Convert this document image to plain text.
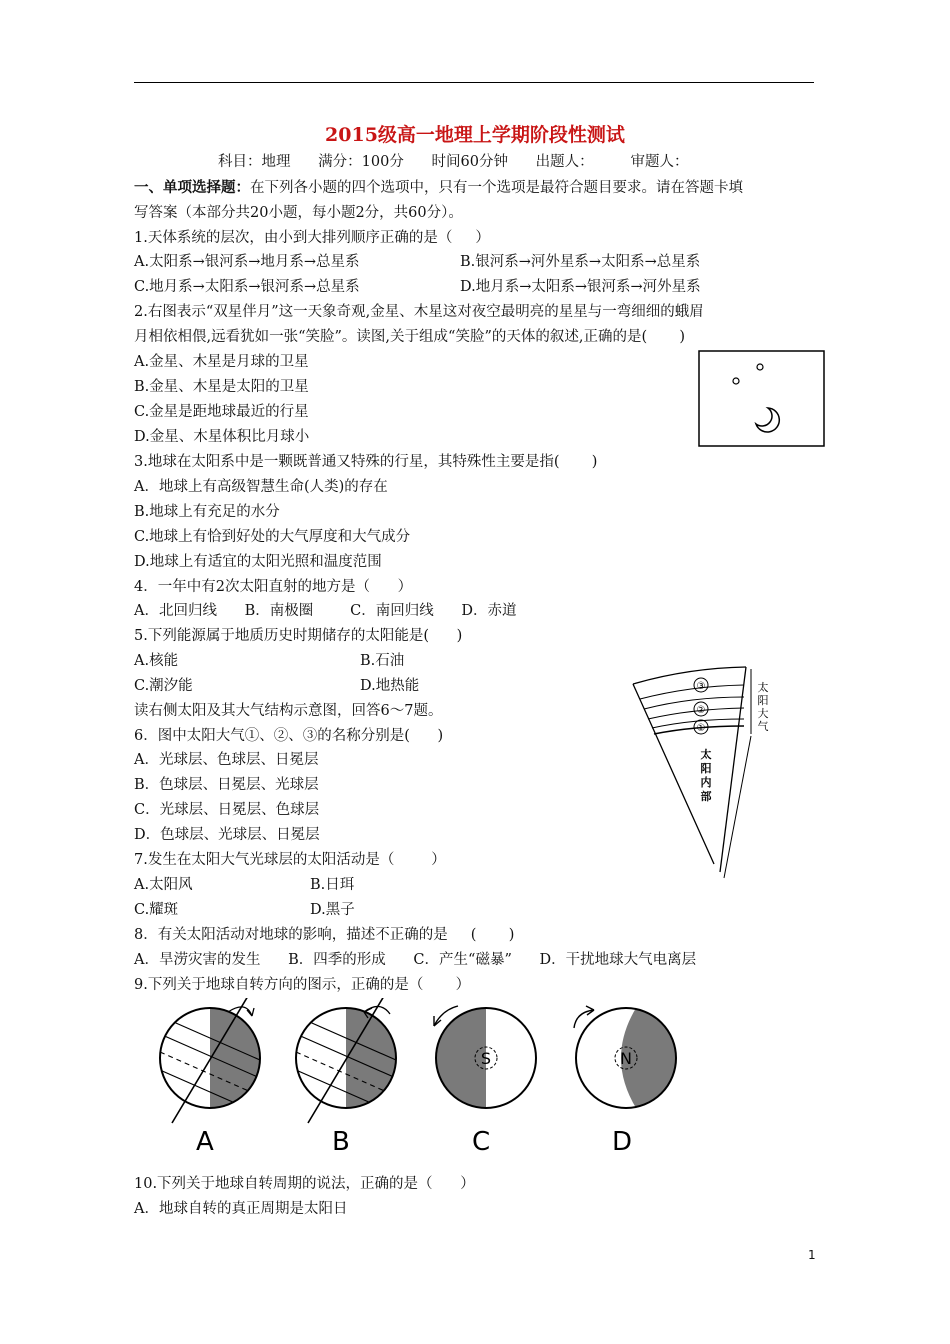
2015级高一地理上学期阶段性测试
科目：地理 满分：100分 时间60分钟 出题人：	审题人：
一、单项选择题：在下列各小题的四个选项中，只有一个选项是最符合题目要求。请在答题卡填
写答案（本部分共20小题，每小题2分，共60分）。
1.天体系统的层次，由小到大排列顺序正确的是（     ）
A.太阳系→银河系→地月系→总星系	B.银河系→河外星系→太阳系→总星系
C.地月系→太阳系→银河系→总星系	D.地月系→太阳系→银河系→河外星系
2.右图表示“双星伴月”这一天象奇观,金星、木星这对夜空最明亮的星星与一弯细细的蛾眉
月相依相偎,远看犹如一张“笑脸”。读图,关于组成“笑脸”的天体的叙述,正确的是(       )
A.金星、木星是月球的卫星
B.金星、木星是太阳的卫星
C.金星是距地球最近的行星
D.金星、木星体积比月球小
3.地球在太阳系中是一颗既普通又特殊的行星，其特殊性主要是指(       )
A．地球上有高级智慧生命(人类)的存在
B.地球上有充足的水分
C.地球上有恰到好处的大气厚度和大气成分
D.地球上有适宜的太阳光照和温度范围
4．一年中有2次太阳直射的地方是（      ）
A．北回归线      B．南极圈        C．南回归线      D．赤道
5.下列能源属于地质历史时期储存的太阳能是(      )
A.核能	B.石油
C.潮汐能	D.地热能
读右侧太阳及其大气结构示意图，回答6～7题。
6．图中太阳大气①、②、③的名称分别是(      )
A．光球层、色球层、日冕层
B．色球层、日冕层、光球层
C．光球层、日冕层、色球层
D．色球层、光球层、日冕层
③
②
①
太
阳
大
气
太
阳
内
部
7.发生在太阳大气光球层的太阳活动是（        ）
A.太阳风	B.日珥
C.耀斑	D.黑子
8．有关太阳活动对地球的影响，描述不正确的是     (       )
A．旱涝灾害的发生      B．四季的形成      C．产生“磁暴”      D．干扰地球大气电离层
9.下列关于地球自转方向的图示，正确的是（       ）
A	B
S
C
N
D
10.下列关于地球自转周期的说法，正确的是（      ）
A．地球自转的真正周期是太阳日
1
